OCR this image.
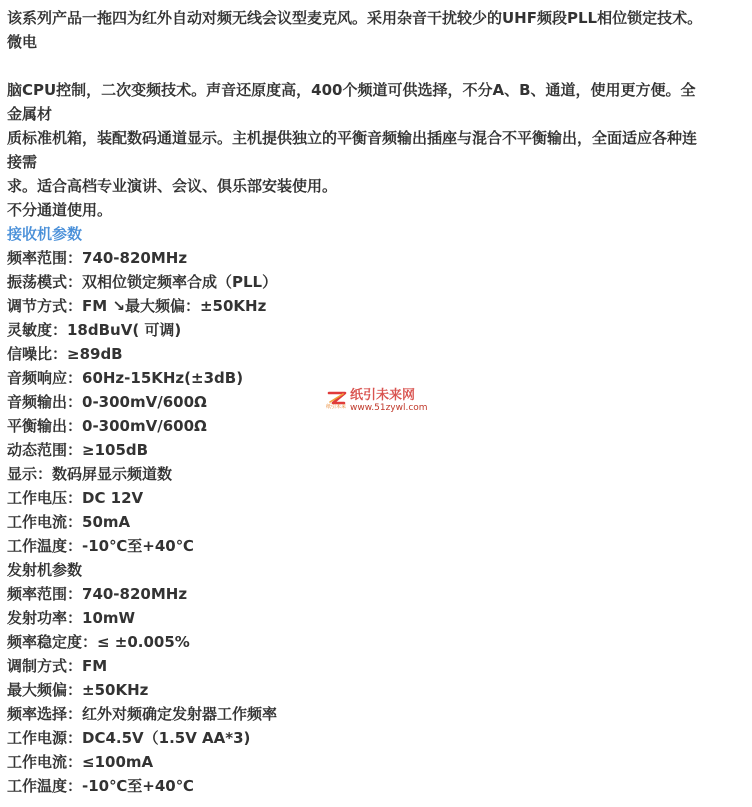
该系列产品一拖四为红外自动对频无线会议型麦克风。采用杂音干扰较少的UHF频段PLL相位锁定技术。
微电
脑CPU控制，二次变频技术。声音还原度高，400个频道可供选择，不分A、B、通道，使用更方便。全
金属材
质标准机箱，装配数码通道显示。主机提供独立的平衡音频输出插座与混合不平衡输出，全面适应各种连
接需
求。适合高档专业演讲、会议、俱乐部安装使用。
不分通道使用。
接收机参数
频率范围：740-820MHz
振荡模式：双相位锁定频率合成（PLL）
调节方式：FM ↘最大频偏：±50KHz
灵敏度：18dBuV( 可调)
信噪比：≥89dB
音频响应：60Hz-15KHz(±3dB)
音频输出：0-300mV/600Ω
平衡输出：0-300mV/600Ω
动态范围：≥105dB
显示：数码屏显示频道数
工作电压：DC 12V
工作电流：50mA
工作温度：-10℃至+40℃
发射机参数
频率范围：740-820MHz
发射功率：10mW
频率稳定度：≤ ±0.005%
调制方式：FM
最大频偏：±50KHz
频率选择：红外对频确定发射器工作频率
工作电源：DC4.5V（1.5V AA*3)
工作电流：≤100mA
工作温度：-10℃至+40℃
纸引未来
纸引未来网
www.51zywl.com
